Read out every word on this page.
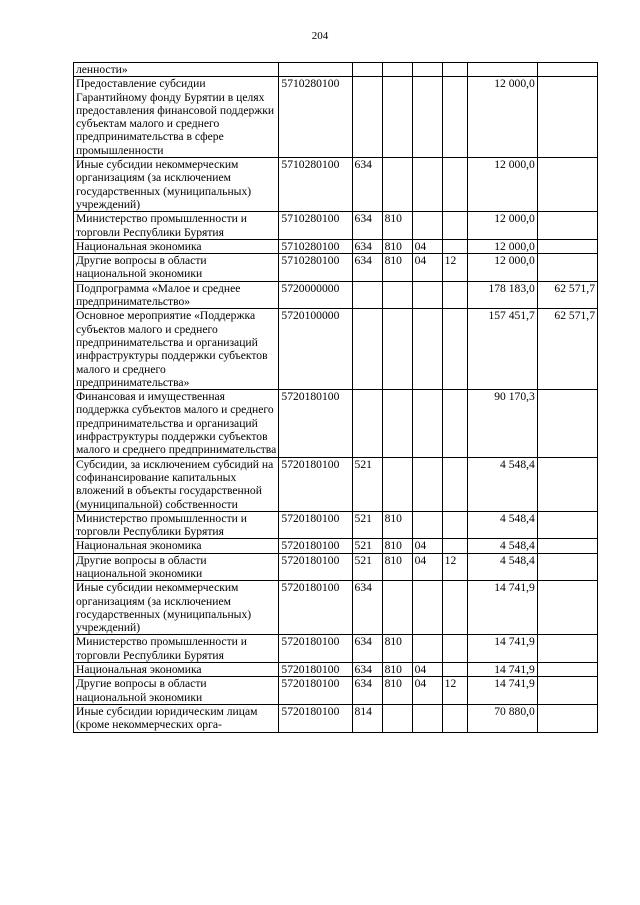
204
ленности»							
Предоставление субсидии Гарантийному фонду Бурятии в целях предоставления финансовой поддержки субъектам малого и среднего предпринимательства в сфере промышленности	5710280100					12 000,0	
Иные субсидии некоммерческим организациям (за исключением государственных (муниципальных) учреждений)	5710280100	634				12 000,0	
Министерство промышленности и торговли Республики Бурятия	5710280100	634	810			12 000,0	
Национальная экономика	5710280100	634	810	04		12 000,0	
Другие вопросы в области национальной экономики	5710280100	634	810	04	12	12 000,0	
Подпрограмма «Малое и среднее предпринимательство»	5720000000					178 183,0	62 571,7
Основное мероприятие «Поддержка субъектов малого и среднего предпринимательства и организаций инфраструктуры поддержки субъектов малого и среднего предпринимательства»	5720100000					157 451,7	62 571,7
Финансовая и имущественная поддержка субъектов малого и среднего предпринимательства и организаций инфраструктуры поддержки субъектов малого и среднего предпринимательства	5720180100					90 170,3	
Субсидии, за исключением субсидий на софинансирование капитальных вложений в объекты государственной (муниципальной) собственности	5720180100	521				4 548,4	
Министерство промышленности и торговли Республики Бурятия	5720180100	521	810			4 548,4	
Национальная экономика	5720180100	521	810	04		4 548,4	
Другие вопросы в области национальной экономики	5720180100	521	810	04	12	4 548,4	
Иные субсидии некоммерческим организациям (за исключением государственных (муниципальных) учреждений)	5720180100	634				14 741,9	
Министерство промышленности и торговли Республики Бурятия	5720180100	634	810			14 741,9	
Национальная экономика	5720180100	634	810	04		14 741,9	
Другие вопросы в области национальной экономики	5720180100	634	810	04	12	14 741,9	
Иные субсидии юридическим лицам (кроме некоммерческих орга-	5720180100	814				70 880,0	
